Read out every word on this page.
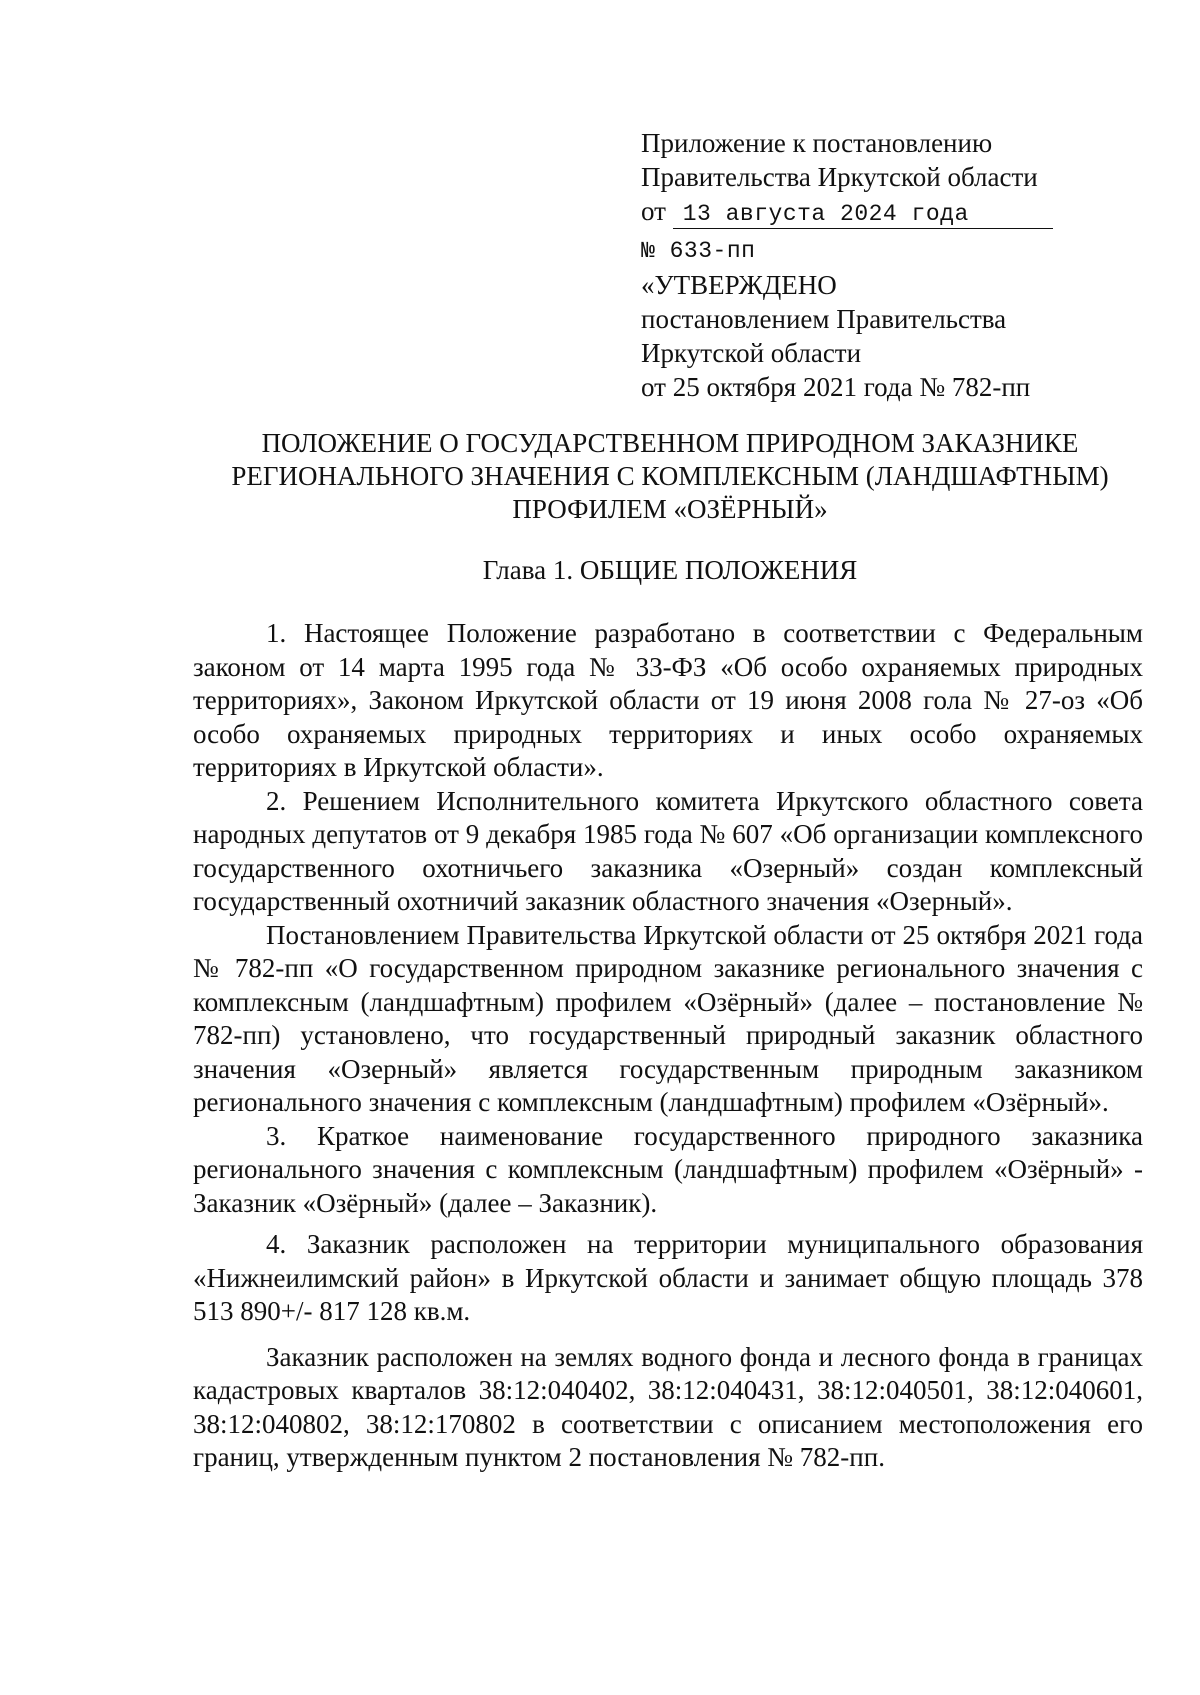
Приложение к постановлению
Правительства Иркутской области
от 13 августа 2024 года
№ 633-пп
«УТВЕРЖДЕНО
постановлением Правительства
Иркутской области
от 25 октября 2021 года № 782-пп
ПОЛОЖЕНИЕ О ГОСУДАРСТВЕННОМ ПРИРОДНОМ ЗАКАЗНИКЕ
РЕГИОНАЛЬНОГО ЗНАЧЕНИЯ С КОМПЛЕКСНЫМ (ЛАНДШАФТНЫМ)
ПРОФИЛЕМ «ОЗЁРНЫЙ»
Глава 1. ОБЩИЕ ПОЛОЖЕНИЯ

1. Настоящее Положение разработано в соответствии с Федеральным законом от 14 марта 1995 года № 33-ФЗ «Об особо охраняемых природных территориях», Законом Иркутской области от 19 июня 2008 гола № 27-оз «Об особо охраняемых природных территориях и иных особо охраняемых территориях в Иркутской области».

2. Решением Исполнительного комитета Иркутского областного совета народных депутатов от 9 декабря 1985 года № 607 «Об организации комплексного государственного охотничьего заказника «Озерный» создан комплексный государственный охотничий заказник областного значения «Озерный».

Постановлением Правительства Иркутской области от 25 октября 2021 года № 782-пп «О государственном природном заказнике регионального значения с комплексным (ландшафтным) профилем «Озёрный» (далее – постановление № 782-пп) установлено, что государственный природный заказник областного значения «Озерный» является государственным природным заказником регионального значения с комплексным (ландшафтным) профилем «Озёрный».

3. Краткое наименование государственного природного заказника регионального значения с комплексным (ландшафтным) профилем «Озёрный» - Заказник «Озёрный» (далее – Заказник).

4. Заказник расположен на территории муниципального образования «Нижнеилимский район» в Иркутской области и занимает общую площадь 378 513 890+/- 817 128 кв.м.

Заказник расположен на землях водного фонда и лесного фонда в границах кадастровых кварталов 38:12:040402, 38:12:040431, 38:12:040501, 38:12:040601, 38:12:040802, 38:12:170802 в соответствии с описанием местоположения его границ, утвержденным пунктом 2 постановления № 782-пп.
